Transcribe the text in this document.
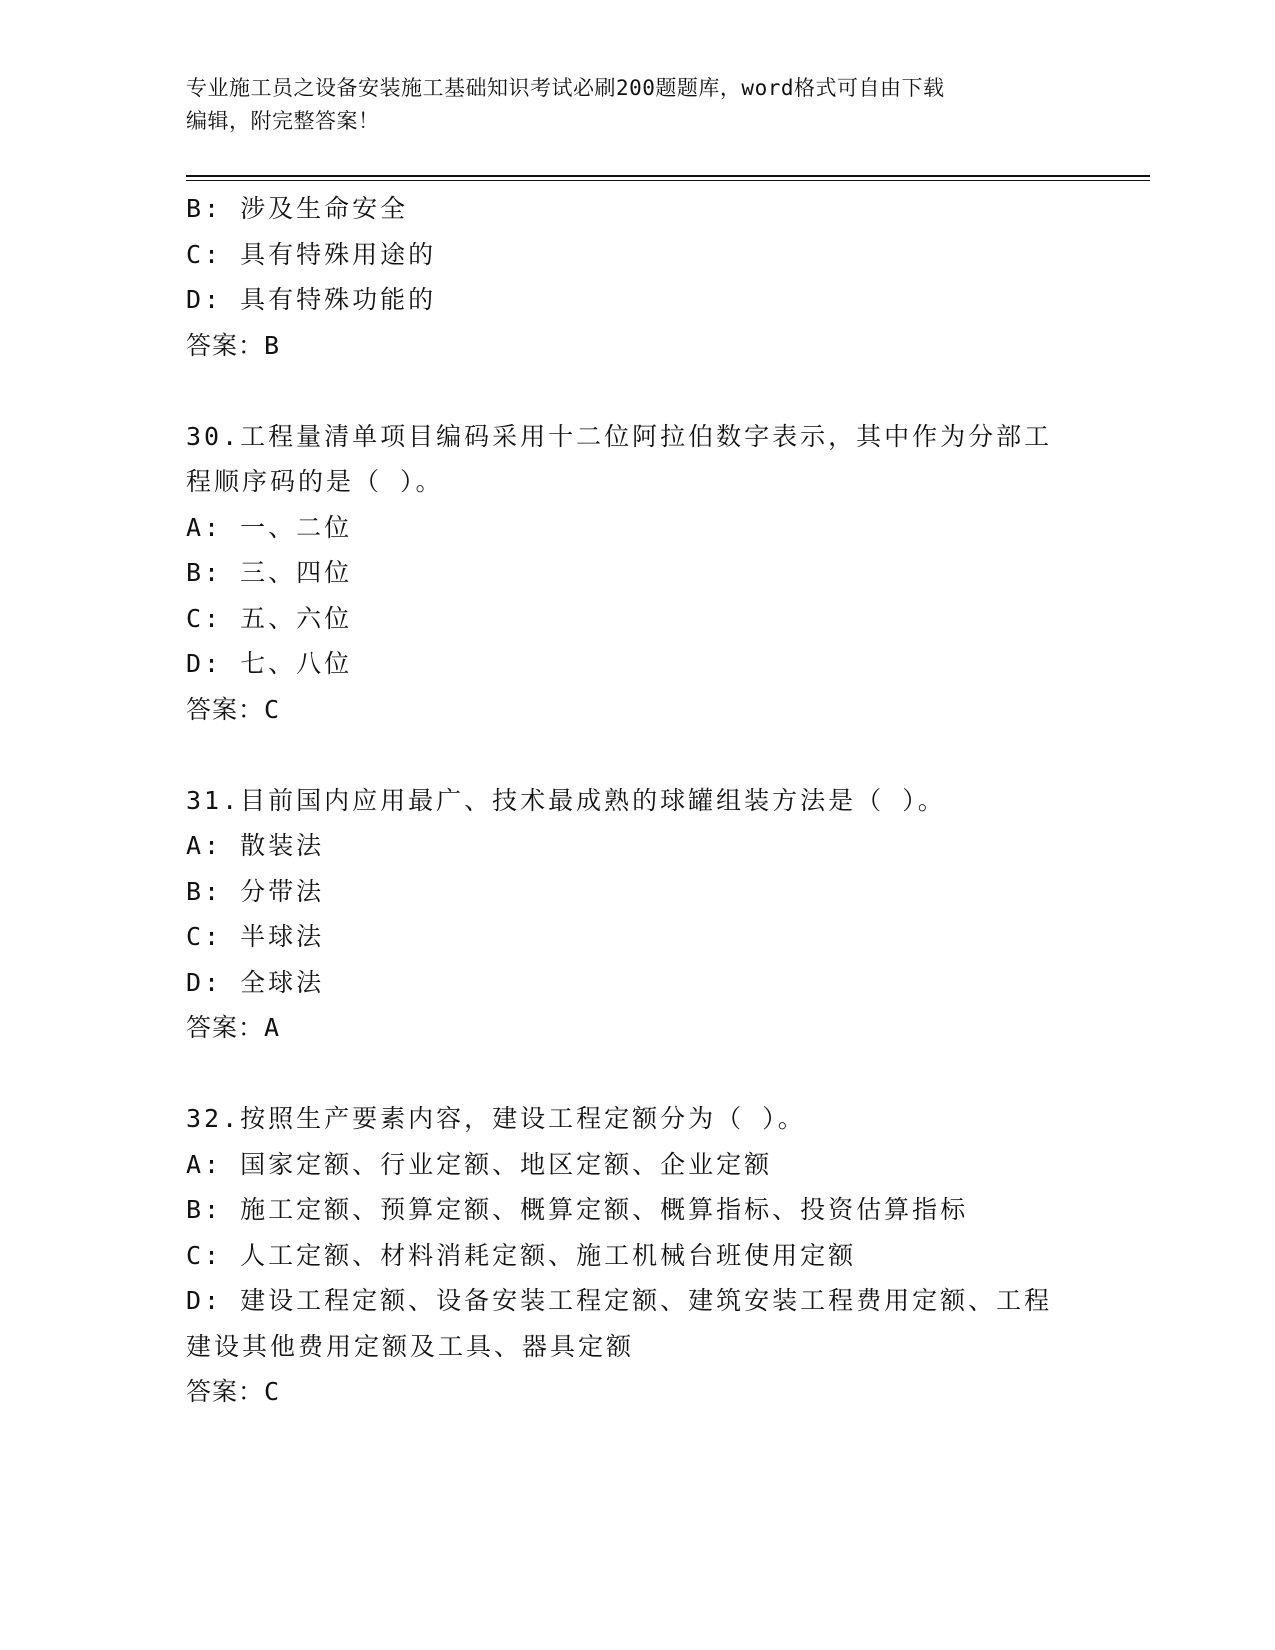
专业施工员之设备安装施工基础知识考试必刷200题题库，word格式可自由下载
编辑，附完整答案！
B: 涉及生命安全
C: 具有特殊用途的
D: 具有特殊功能的
答案：B
30.工程量清单项目编码采用十二位阿拉伯数字表示，其中作为分部工
程顺序码的是（ ）。
A: 一、二位
B: 三、四位
C: 五、六位
D: 七、八位
答案：C
31.目前国内应用最广、技术最成熟的球罐组装方法是（ ）。
A: 散装法
B: 分带法
C: 半球法
D: 全球法
答案：A
32.按照生产要素内容，建设工程定额分为（ ）。
A: 国家定额、行业定额、地区定额、企业定额
B: 施工定额、预算定额、概算定额、概算指标、投资估算指标
C: 人工定额、材料消耗定额、施工机械台班使用定额
D: 建设工程定额、设备安装工程定额、建筑安装工程费用定额、工程
建设其他费用定额及工具、器具定额
答案：C
